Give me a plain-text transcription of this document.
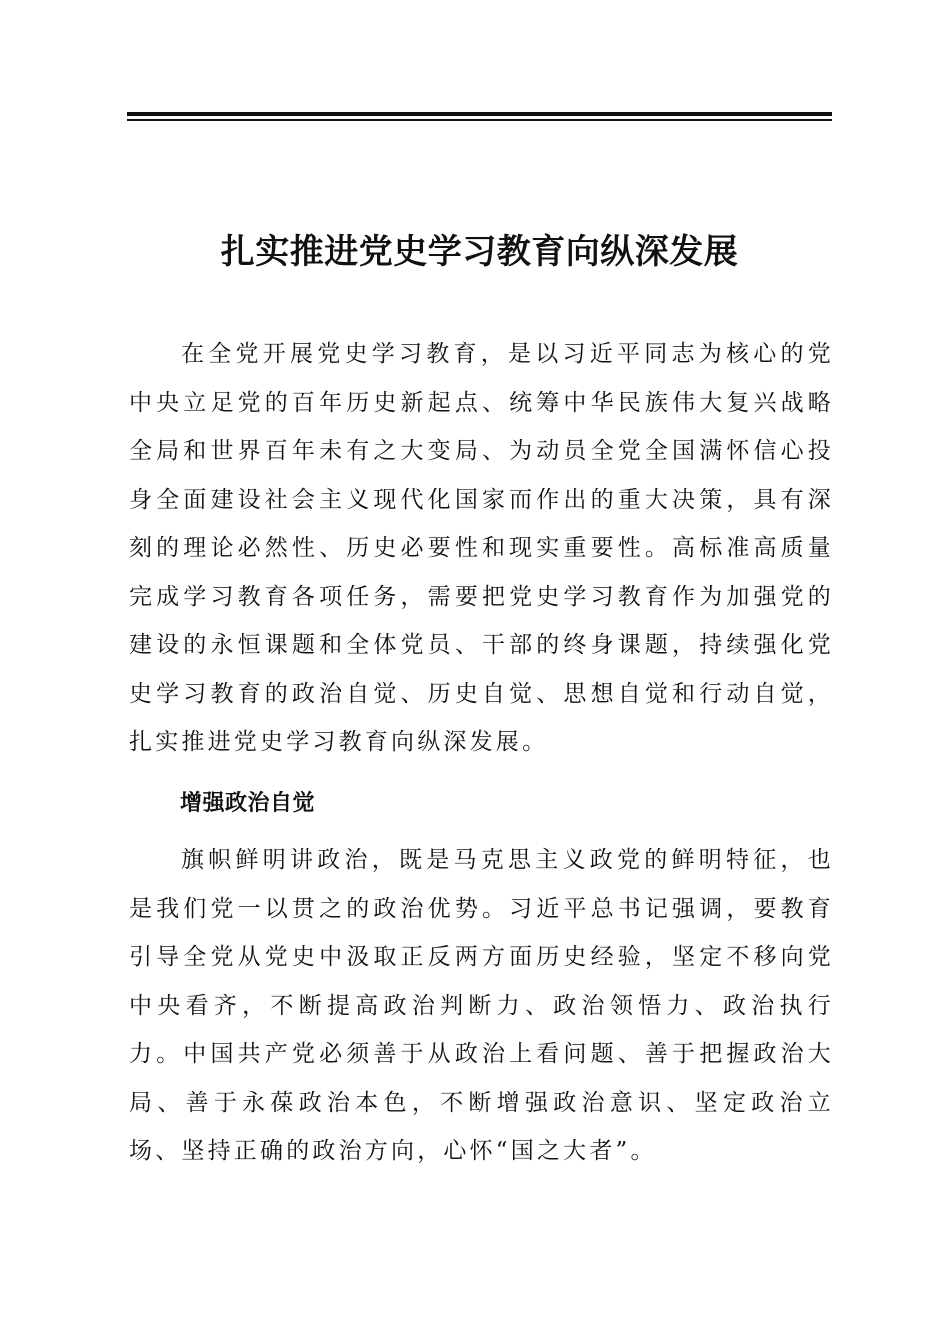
扎实推进党史学习教育向纵深发展

在全党开展党史学习教育，是以习近平同志为核心的党中央立足党的百年历史新起点、统筹中华民族伟大复兴战略全局和世界百年未有之大变局、为动员全党全国满怀信心投身全面建设社会主义现代化国家而作出的重大决策，具有深刻的理论必然性、历史必要性和现实重要性。高标准高质量完成学习教育各项任务，需要把党史学习教育作为加强党的建设的永恒课题和全体党员、干部的终身课题，持续强化党史学习教育的政治自觉、历史自觉、思想自觉和行动自觉，扎实推进党史学习教育向纵深发展。

增强政治自觉

旗帜鲜明讲政治，既是马克思主义政党的鲜明特征，也是我们党一以贯之的政治优势。习近平总书记强调，要教育引导全党从党史中汲取正反两方面历史经验，坚定不移向党中央看齐，不断提高政治判断力、政治领悟力、政治执行力。中国共产党必须善于从政治上看问题、善于把握政治大局、善于永葆政治本色，不断增强政治意识、坚定政治立场、坚持正确的政治方向，心怀“国之大者”。
